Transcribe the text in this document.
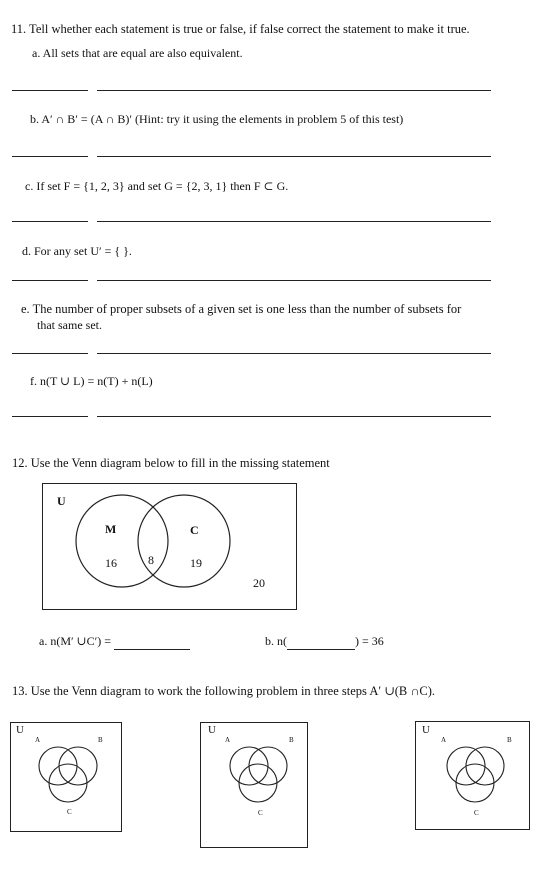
11. Tell whether each statement is true or false, if false correct the statement to make it true.
a. All sets that are equal are also equivalent.
b. A′ ∩ B′ = (A ∩ B)′ (Hint: try it using the elements in problem 5 of this test)
c. If set F = {1, 2, 3} and set G = {2, 3, 1} then F ⊂ G.
d. For any set U′ = { }.
e. The number of proper subsets of a given set is one less than the number of subsets for
that same set.
f. n(T ∪ L) = n(T) + n(L)
12. Use the Venn diagram below to fill in the missing statement
U
M	C
16	8	19
20
a. n(M′ ∪C′) =	b. n(	) = 36
13. Use the Venn diagram to work the following problem in three steps A′ ∪(B ∩C).
U
A	B
C
U
A	B
C
U
A	B
C
